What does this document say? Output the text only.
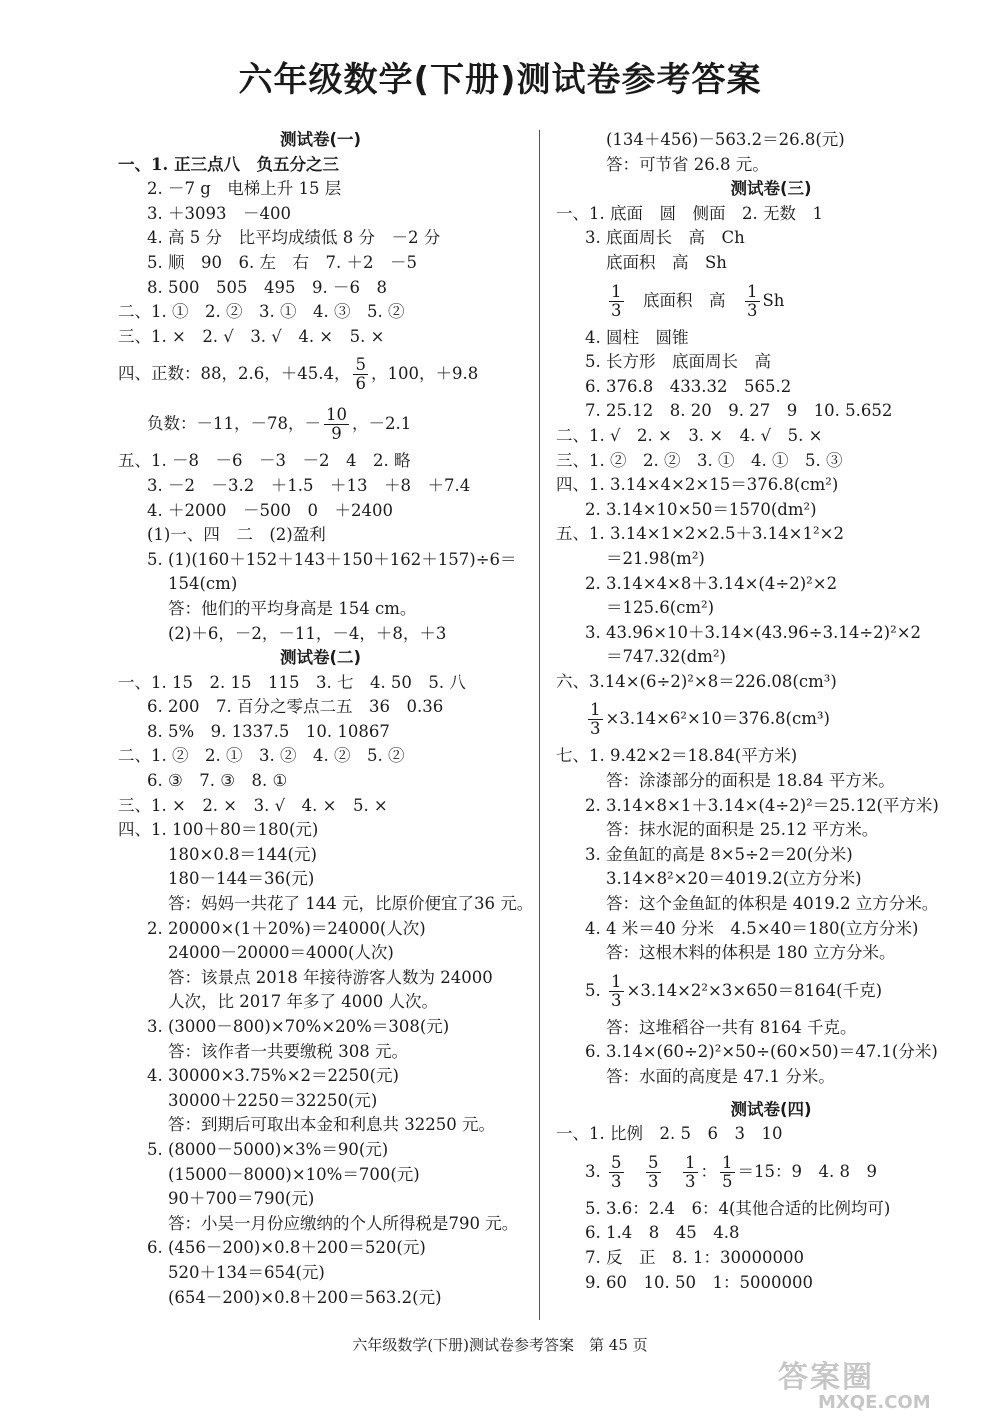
六年级数学(下册)测试卷参考答案
测试卷(一)
一、1. 正三点八　负五分之三
2. －7 g　电梯上升 15 层
3. ＋3093　－400
4. 高 5 分　比平均成绩低 8 分　－2 分
5. 顺　90　6. 左　右　7. ＋2　－5
8. 500　505　495　9. －6　8
二、1. ①　2. ②　3. ①　4. ③　5. ②
三、1. ×　2. √　3. √　4. ×　5. ×
四、正数：88，2.6，＋45.4， $\frac{5}{6}$ ，100，＋9.8
负数：－11，－78，－ $\frac{10}{9}$ ，－2.1
五、1. －8　－6　－3　－2　4　2. 略
3. －2　－3.2　＋1.5　＋13　＋8　＋7.4
4. ＋2000　－500　0　＋2400
(1)一、四　二　(2)盈利
5. (1)(160＋152＋143＋150＋162＋157)÷6＝
154(cm)
答：他们的平均身高是 154 cm。
(2)＋6，－2，－11，－4，＋8，＋3
测试卷(二)
一、1. 15　2. 15　115　3. 七　4. 50　5. 八
6. 200　7. 百分之零点二五　36　0.36
8. 5%　9. 1337.5　10. 10867
二、1. ②　2. ①　3. ②　4. ②　5. ②
6. ③　7. ③　8. ①
三、1. ×　2. ×　3. √　4. ×　5. ×
四、1. 100＋80＝180(元)
180×0.8＝144(元)
180－144＝36(元)
答：妈妈一共花了 144 元，比原价便宜了36 元。
2. 20000×(1＋20%)＝24000(人次)
24000－20000＝4000(人次)
答：该景点 2018 年接待游客人数为 24000
人次，比 2017 年多了 4000 人次。
3. (3000－800)×70%×20%＝308(元)
答：该作者一共要缴税 308 元。
4. 30000×3.75%×2＝2250(元)
30000＋2250＝32250(元)
答：到期后可取出本金和利息共 32250 元。
5. (8000－5000)×3%＝90(元)
(15000－8000)×10%＝700(元)
90＋700＝790(元)
答：小吴一月份应缴纳的个人所得税是790 元。
6. (456－200)×0.8＋200＝520(元)
520＋134＝654(元)
(654－200)×0.8＋200＝563.2(元)
(134＋456)－563.2＝26.8(元)
答：可节省 26.8 元。
测试卷(三)
一、1. 底面　圆　侧面　2. 无数　1
3. 底面周长　高　Ch
底面积　高　Sh
$\frac{1}{3}$ 　底面积　高　 $\frac{1}{3}$ Sh
4. 圆柱　圆锥
5. 长方形　底面周长　高
6. 376.8　433.32　565.2
7. 25.12　8. 20　9. 27　9　10. 5.652
二、1. √　2. ×　3. ×　4. √　5. ×
三、1. ②　2. ②　3. ①　4. ①　5. ③
四、1. 3.14×4×2×15＝376.8(cm²)
2. 3.14×10×50＝1570(dm²)
五、1. 3.14×1×2×2.5＋3.14×1²×2
＝21.98(m²)
2. 3.14×4×8＋3.14×(4÷2)²×2
＝125.6(cm²)
3. 43.96×10＋3.14×(43.96÷3.14÷2)²×2
＝747.32(dm²)
六、3.14×(6÷2)²×8＝226.08(cm³)
$\frac{1}{3} \times 3.14\times 6^2\times 10=376.8(cm^3)$
七、1. 9.42×2＝18.84(平方米)
答：涂漆部分的面积是 18.84 平方米。
2. 3.14×8×1＋3.14×(4÷2)²＝25.12(平方米)
答：抹水泥的面积是 25.12 平方米。
3. 金鱼缸的高是 8×5÷2＝20(分米)
3.14×8²×20＝4019.2(立方分米)
答：这个金鱼缸的体积是 4019.2 立方分米。
4. 4 米＝40 分米　4.5×40＝180(立方分米)
答：这根木料的体积是 180 立方分米。
5. $\frac{1}{3} \times 3.14\times 2^2\times 3\times 650=8164$(千克)
答：这堆稻谷一共有 8164 千克。
6. 3.14×(60÷2)²×50÷(60×50)＝47.1(分米)
答：水面的高度是 47.1 分米。
测试卷(四)
一、1. 比例　2. 5　6　3　10
3. $\frac{5}{3}$
　 $\frac{5}{3}$
　 $\frac{1}{3}$ ： $\frac{1}{5} =15$：9　4. 8　9
5. 3.6：2.4　6：4(其他合适的比例均可)
6. 1.4　8　45　4.8
7. 反　正　8. 1：30000000
9. 60　10. 50　1：5000000
六年级数学(下册)测试卷参考答案　第 45 页
答案圈
MXQE.COM
